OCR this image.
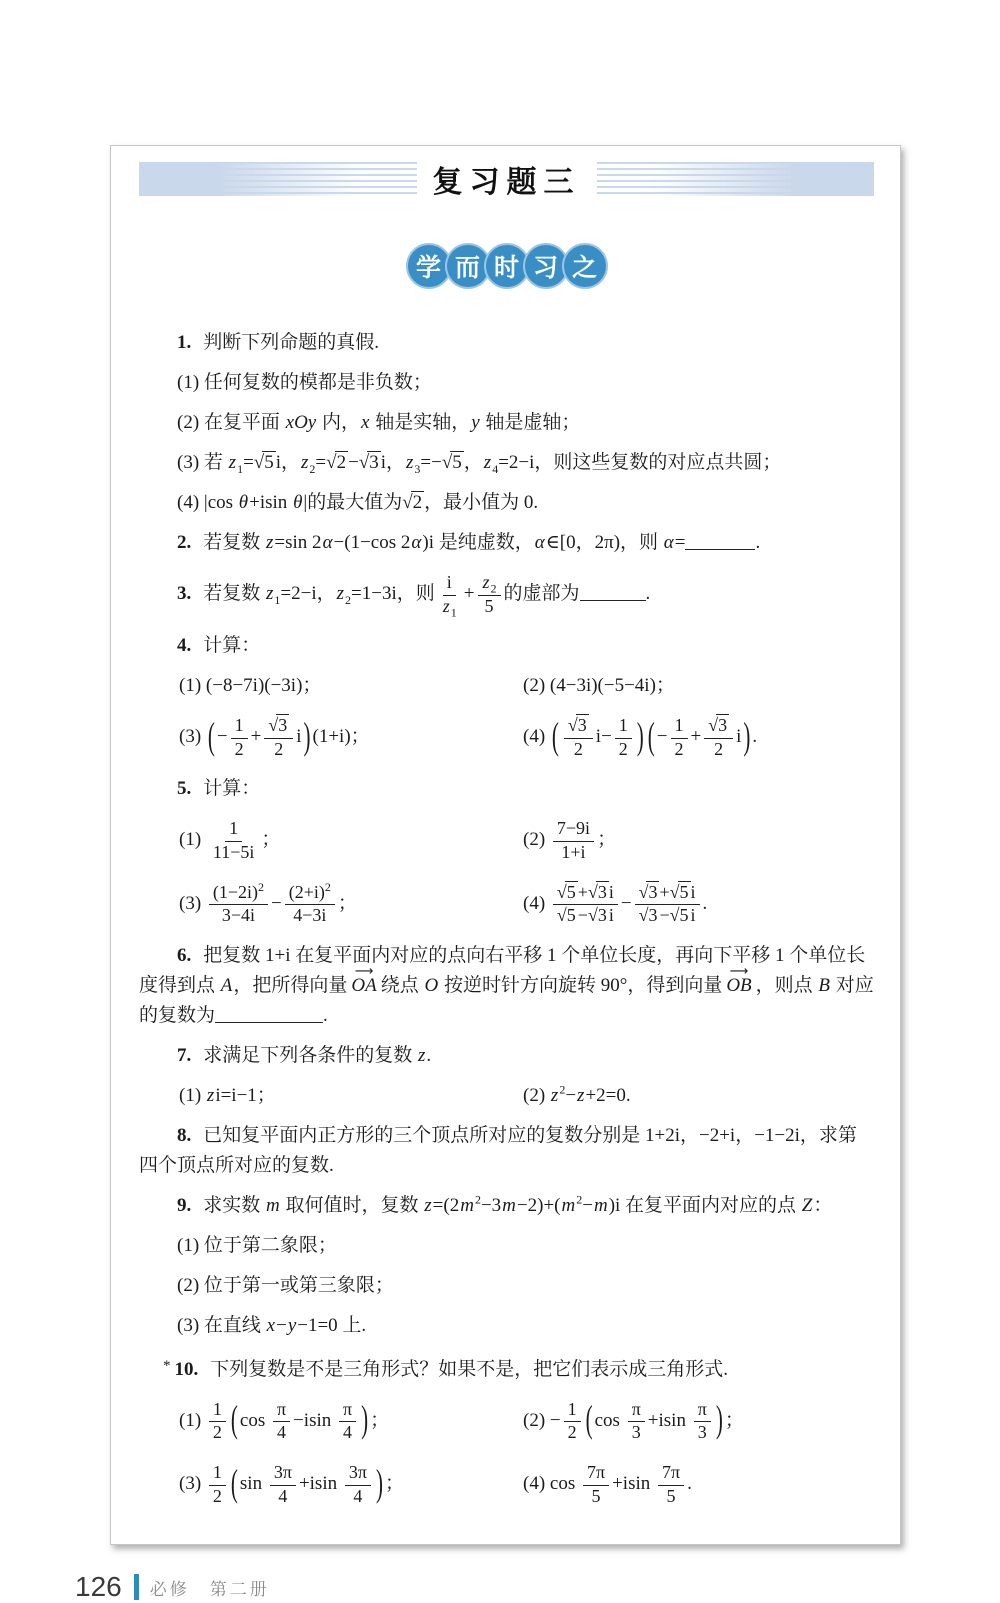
复习题三
学 而 时 习 之
1. 判断下列命题的真假.
(1) 任何复数的模都是非负数；
(2) 在复平面 xOy 内，x 轴是实轴，y 轴是虚轴；
(3) 若 $z_1=√5$ i，$z_2=√2 -√3$ i，$z_3=-√5$ ，$z_4=2-i$，则这些复数的对应点共圆；
(4) |cos θ+isin θ|的最大值为√2 ，最小值为 0.
2. 若复数 z=sin 2α−(1−cos 2α)i 是纯虚数，α∈[0，2π)，则 α=	.
3. 若复数 $z_1=2-i$，$z_2=1-3i$，则 $\frac{i}{z_1} + \frac{z_2}{5}$ 的虚部为	.
4. 计算：
(1) (−8−7i)(−3i)；	(2) (4−3i)(−5−4i)；
(3) ( − $\frac{1}{2} + \frac{√3}{2} i$) (1+i)；	(4) ( $\frac{√3}{2} i- \frac{1}{2}$ ) ( − $\frac{1}{2} + \frac{√3}{2} i$) .
5. 计算：
$(1) \frac{1}{11-5i}$ ；	$(2) \frac{7-9i}{1+i}$ ；
$(3) \frac{(1-2i)^2}{3-4i} - \frac{(2+i)^2}{4-3i}$ ；	$(4) \frac{√5 +√3 i}{√5 -√3 i} - \frac{√3 +√5 i}{√3 -√5 i}$ .
6. 把复数 1+i 在复平面内对应的点向右平移 1 个单位长度，再向下平移 1 个单位长度得到点 A，把所得向量
⟶
OA 绕点 O 按逆时针方向旋转 90°，得到向量
⟶
OB ，则点 B 对应的复数为	.
7. 求满足下列各条件的复数 z.
(1) zi=i−1；	(2) $z^2-z+2=0$.
8. 已知复平面内正方形的三个顶点所对应的复数分别是 1+2i，−2+i，−1−2i，求第四个顶点所对应的复数.
9. 求实数 m 取何值时，复数 $z=(2m^2-3m-2)+(m^2-m)i$ 在复平面内对应的点 Z：
(1) 位于第二象限；
(2) 位于第一或第三象限；
(3) 在直线 x−y−1=0 上.
* 10. 下列复数是不是三角形式？如果不是，把它们表示成三角形式.
$(1) \frac{1}{2}$ ( $\cos \frac{\pi}{4} -isin \frac{\pi}{4}$ ) ；	$(2) - \frac{1}{2}$ ( $\cos \frac{\pi}{3} +isin \frac{\pi}{3}$ ) ；
$(3) \frac{1}{2}$ ( $\sin \frac{3\pi}{4} +isin \frac{3\pi}{4}$ ) ；	(4) $\cos \frac{7\pi}{5} +isin \frac{7\pi}{5}$ .
126 必修　第二册
